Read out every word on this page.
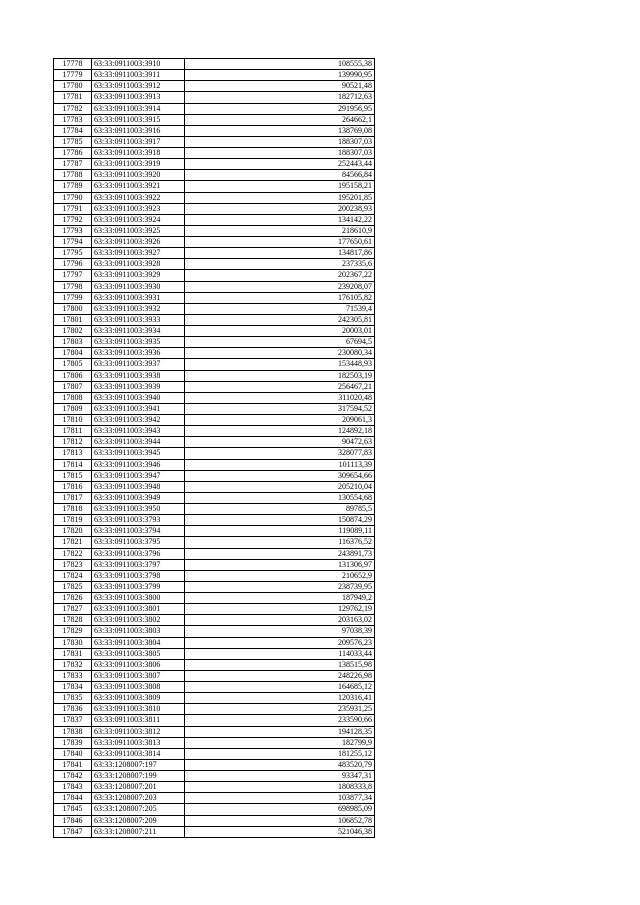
17778	63:33:0911003:3910	108555,38
17779	63:33:0911003:3911	139990,95
17780	63:33:0911003:3912	90521,48
17781	63:33:0911003:3913	182712,63
17782	63:33:0911003:3914	291956,95
17783	63:33:0911003:3915	264662,1
17784	63:33:0911003:3916	138769,08
17785	63:33:0911003:3917	188307,03
17786	63:33:0911003:3918	188307,03
17787	63:33:0911003:3919	252443,44
17788	63:33:0911003:3920	84566,84
17789	63:33:0911003:3921	195158,21
17790	63:33:0911003:3922	195201,85
17791	63:33:0911003:3923	200238,93
17792	63:33:0911003:3924	134142,22
17793	63:33:0911003:3925	218610,9
17794	63:33:0911003:3926	177650,61
17795	63:33:0911003:3927	134817,86
17796	63:33:0911003:3928	237335,6
17797	63:33:0911003:3929	202367,22
17798	63:33:0911003:3930	239208,07
17799	63:33:0911003:3931	176105,82
17800	63:33:0911003:3932	71539,4
17801	63:33:0911003:3933	242305,81
17802	63:33:0911003:3934	20003,01
17803	63:33:0911003:3935	67694,5
17804	63:33:0911003:3936	230080,34
17805	63:33:0911003:3937	153448,93
17806	63:33:0911003:3938	182503,19
17807	63:33:0911003:3939	256467,21
17808	63:33:0911003:3940	311020,48
17809	63:33:0911003:3941	317594,52
17810	63:33:0911003:3942	209061,3
17811	63:33:0911003:3943	124892,18
17812	63:33:0911003:3944	90472,63
17813	63:33:0911003:3945	328077,83
17814	63:33:0911003:3946	101113,39
17815	63:33:0911003:3947	309654,66
17816	63:33:0911003:3948	205210,04
17817	63:33:0911003:3949	130554,68
17818	63:33:0911003:3950	89785,5
17819	63:33:0911003:3793	150874,29
17820	63:33:0911003:3794	119089,11
17821	63:33:0911003:3795	116376,52
17822	63:33:0911003:3796	243891,73
17823	63:33:0911003:3797	131306,97
17824	63:33:0911003:3798	210652,9
17825	63:33:0911003:3799	238739,95
17826	63:33:0911003:3800	187949,2
17827	63:33:0911003:3801	129762,19
17828	63:33:0911003:3802	203163,02
17829	63:33:0911003:3803	97038,39
17830	63:33:0911003:3804	209576,23
17831	63:33:0911003:3805	114033,44
17832	63:33:0911003:3806	138515,98
17833	63:33:0911003:3807	248226,98
17834	63:33:0911003:3808	164685,12
17835	63:33:0911003:3809	120316,41
17836	63:33:0911003:3810	235931,25
17837	63:33:0911003:3811	233590,66
17838	63:33:0911003:3812	194128,35
17839	63:33:0911003:3813	182799,9
17840	63:33:0911003:3814	181255,12
17841	63:33:1208007:197	483520,79
17842	63:33:1208007:199	93347,31
17843	63:33:1208007:201	1808333,8
17844	63:33:1208007:203	103877,34
17845	63:33:1208007:205	698985,09
17846	63:33:1208007:209	106852,78
17847	63:33:1208007:211	521046,38
